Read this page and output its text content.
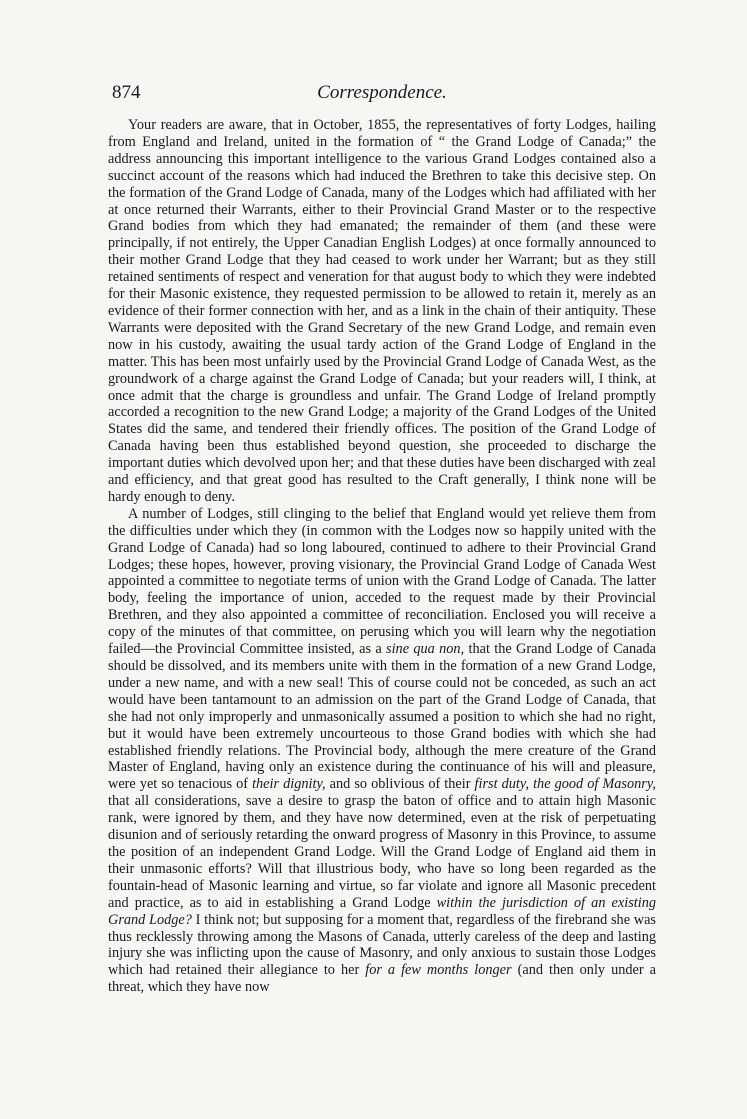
874	Correspondence.

Your readers are aware, that in October, 1855, the representatives of forty Lodges, hailing from England and Ireland, united in the formation of “ the Grand Lodge of Canada;” the address announcing this important intelligence to the various Grand Lodges contained also a succinct account of the reasons which had induced the Brethren to take this decisive step. On the formation of the Grand Lodge of Canada, many of the Lodges which had affiliated with her at once returned their Warrants, either to their Provincial Grand Master or to the respective Grand bodies from which they had emanated; the remainder of them (and these were principally, if not entirely, the Upper Canadian English Lodges) at once formally announced to their mother Grand Lodge that they had ceased to work under her Warrant; but as they still retained sentiments of respect and veneration for that august body to which they were indebted for their Masonic existence, they requested permission to be allowed to retain it, merely as an evidence of their former connection with her, and as a link in the chain of their antiquity. These Warrants were deposited with the Grand Secretary of the new Grand Lodge, and remain even now in his custody, awaiting the usual tardy action of the Grand Lodge of England in the matter. This has been most unfairly used by the Provincial Grand Lodge of Canada West, as the groundwork of a charge against the Grand Lodge of Canada; but your readers will, I think, at once admit that the charge is groundless and unfair. The Grand Lodge of Ireland promptly accorded a recognition to the new Grand Lodge; a majority of the Grand Lodges of the United States did the same, and tendered their friendly offices. The position of the Grand Lodge of Canada having been thus established beyond question, she proceeded to discharge the important duties which devolved upon her; and that these duties have been discharged with zeal and efficiency, and that great good has resulted to the Craft generally, I think none will be hardy enough to deny.

A number of Lodges, still clinging to the belief that England would yet relieve them from the difficulties under which they (in common with the Lodges now so happily united with the Grand Lodge of Canada) had so long laboured, continued to adhere to their Provincial Grand Lodges; these hopes, however, proving visionary, the Provincial Grand Lodge of Canada West appointed a committee to negotiate terms of union with the Grand Lodge of Canada. The latter body, feeling the importance of union, acceded to the request made by their Provincial Brethren, and they also appointed a committee of reconciliation. Enclosed you will receive a copy of the minutes of that committee, on perusing which you will learn why the negotiation failed—the Provincial Committee insisted, as a sine qua non, that the Grand Lodge of Canada should be dissolved, and its members unite with them in the formation of a new Grand Lodge, under a new name, and with a new seal! This of course could not be conceded, as such an act would have been tantamount to an admission on the part of the Grand Lodge of Canada, that she had not only improperly and unmasonically assumed a position to which she had no right, but it would have been extremely uncourteous to those Grand bodies with which she had established friendly relations. The Provincial body, although the mere creature of the Grand Master of England, having only an existence during the continuance of his will and pleasure, were yet so tenacious of their dignity, and so oblivious of their first duty, the good of Masonry, that all considerations, save a desire to grasp the baton of office and to attain high Masonic rank, were ignored by them, and they have now determined, even at the risk of perpetuating disunion and of seriously retarding the onward progress of Masonry in this Province, to assume the position of an independent Grand Lodge. Will the Grand Lodge of England aid them in their unmasonic efforts? Will that illustrious body, who have so long been regarded as the fountain-head of Masonic learning and virtue, so far violate and ignore all Masonic precedent and practice, as to aid in establishing a Grand Lodge within the jurisdiction of an existing Grand Lodge? I think not; but supposing for a moment that, regardless of the firebrand she was thus recklessly throwing among the Masons of Canada, utterly careless of the deep and lasting injury she was inflicting upon the cause of Masonry, and only anxious to sustain those Lodges which had retained their allegiance to her for a few months longer (and then only under a threat, which they have now
